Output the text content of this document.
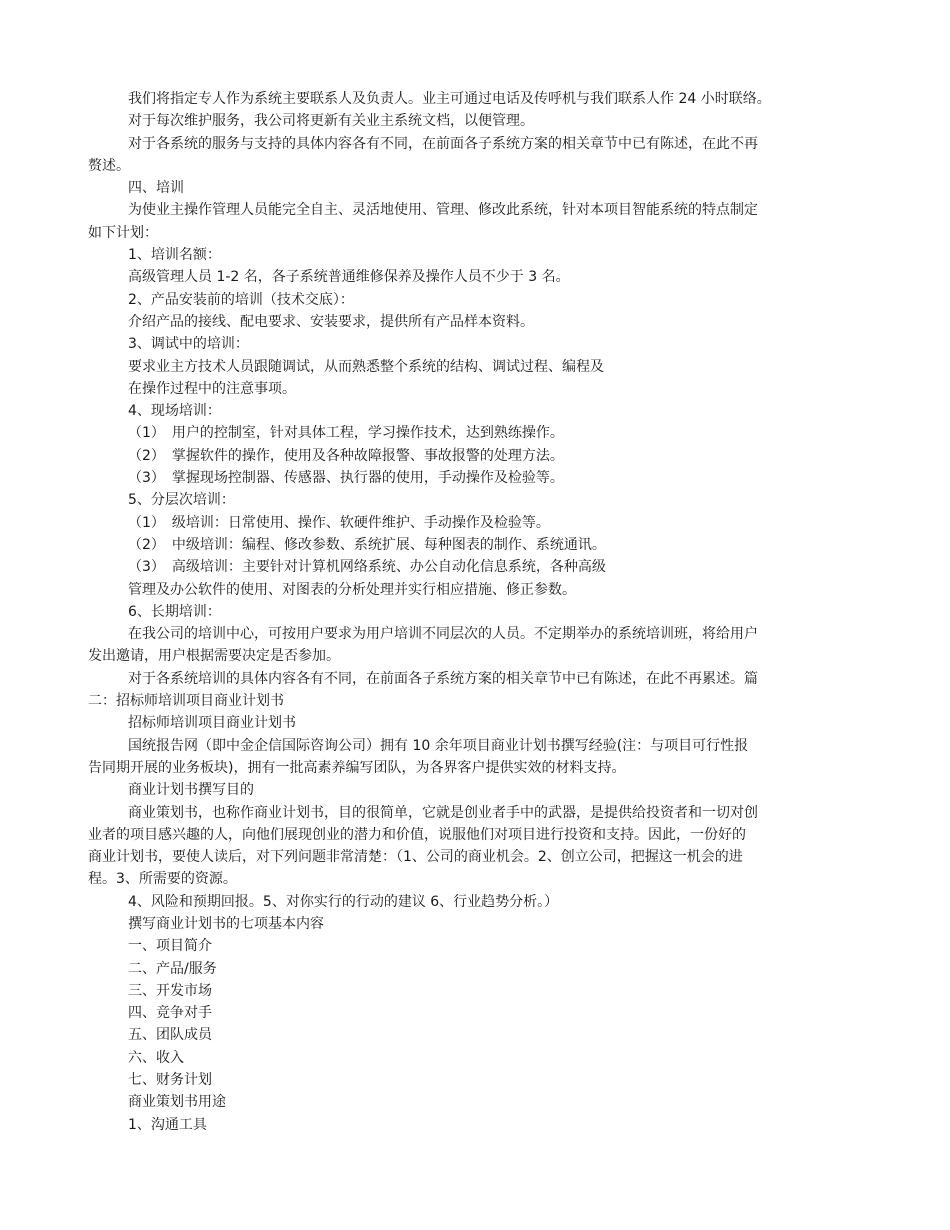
我们将指定专人作为系统主要联系人及负责人。业主可通过电话及传呼机与我们联系人作 24 小时联络。
对于每次维护服务，我公司将更新有关业主系统文档，以便管理。
对于各系统的服务与支持的具体内容各有不同，在前面各子系统方案的相关章节中已有陈述，在此不再
赘述。
四、培训
为使业主操作管理人员能完全自主、灵活地使用、管理、修改此系统，针对本项目智能系统的特点制定
如下计划：
1、培训名额：
高级管理人员 1-2 名，各子系统普通维修保养及操作人员不少于 3 名。
2、产品安装前的培训（技术交底）：
介绍产品的接线、配电要求、安装要求，提供所有产品样本资料。
3、调试中的培训：
要求业主方技术人员跟随调试，从而熟悉整个系统的结构、调试过程、编程及
在操作过程中的注意事项。
4、现场培训：
（1）　用户的控制室，针对具体工程，学习操作技术，达到熟练操作。
（2）　掌握软件的操作，使用及各种故障报警、事故报警的处理方法。
（3）　掌握现场控制器、传感器、执行器的使用，手动操作及检验等。
5、分层次培训：
（1）　级培训：日常使用、操作、软硬件维护、手动操作及检验等。
（2）　中级培训：编程、修改参数、系统扩展、每种图表的制作、系统通讯。
（3）　高级培训：主要针对计算机网络系统、办公自动化信息系统，各种高级
管理及办公软件的使用、对图表的分析处理并实行相应措施、修正参数。
6、长期培训：
在我公司的培训中心，可按用户要求为用户培训不同层次的人员。不定期举办的系统培训班，将给用户
发出邀请，用户根据需要决定是否参加。
对于各系统培训的具体内容各有不同，在前面各子系统方案的相关章节中已有陈述，在此不再累述。篇
二：招标师培训项目商业计划书
招标师培训项目商业计划书
国统报告网（即中金企信国际咨询公司）拥有 10 余年项目商业计划书撰写经验(注：与项目可行性报
告同期开展的业务板块)，拥有一批高素养编写团队，为各界客户提供实效的材料支持。
商业计划书撰写目的
商业策划书，也称作商业计划书，目的很简单，它就是创业者手中的武器，是提供给投资者和一切对创
业者的项目感兴趣的人，向他们展现创业的潜力和价值，说服他们对项目进行投资和支持。因此，一份好的
商业计划书，要使人读后，对下列问题非常清楚：（1、公司的商业机会。2、创立公司，把握这一机会的进
程。3、所需要的资源。
4、风险和预期回报。5、对你实行的行动的建议 6、行业趋势分析。）
撰写商业计划书的七项基本内容
一、项目简介
二、产品/服务
三、开发市场
四、竞争对手
五、团队成员
六、收入
七、财务计划
商业策划书用途
1、沟通工具
